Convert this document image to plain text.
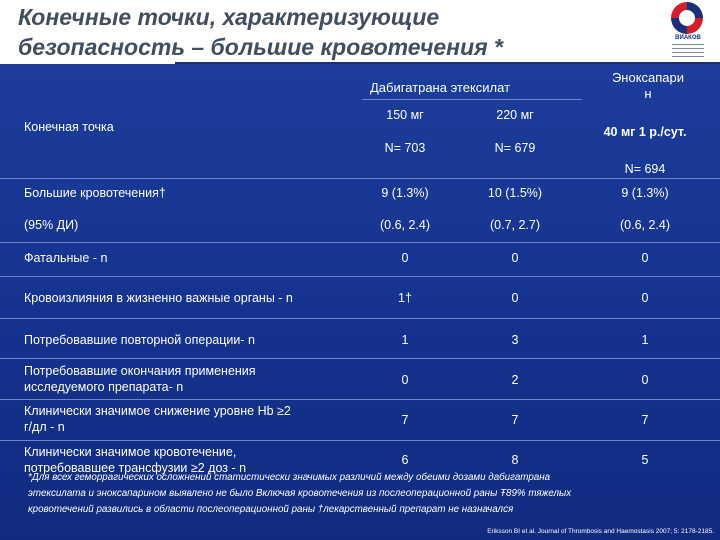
Конечные точки, характеризующие
безопасность – большие кровотечения *	ВИАКОВ
Дабигатрана этексилат
Эноксапари
н
Конечная точка
150 мг	220 мг
N= 703	N= 679
40 мг 1 р./сут.
N= 694
Большие кровотечения†	9 (1.3%)	10 (1.5%)	9 (1.3%)
(95% ДИ)	(0.6, 2.4)	(0.7, 2.7)	(0.6, 2.4)
Фатальные - n	0	0	0
Кровоизлияния в жизненно важные органы - n	1†	0	0
Потребовавшие повторной операции- n	1	3	1
Потребовавшие окончания применения
исследуемого препарата- n	0	2	0
Клинически значимое снижение уровне Hb ≥2
г/дл - n	7	7	7
Клинически значимое кровотечение,
потребовавшее трансфузии ≥2 доз - n
6	8	5
*Для всех геморрагических осложнений статистически значимых различий между обеими дозами дабигатрана
этексилата и эноксапарином выявлено не было Включая кровотечения из послеоперационной раны Ŧ89% тяжелых
кровотечений развились в области послеоперационной раны †лекарственный препарат не назначался
Eriksson BI et al. Journal of Thrombosis and Haemostasis 2007; 5: 2178-2185.
